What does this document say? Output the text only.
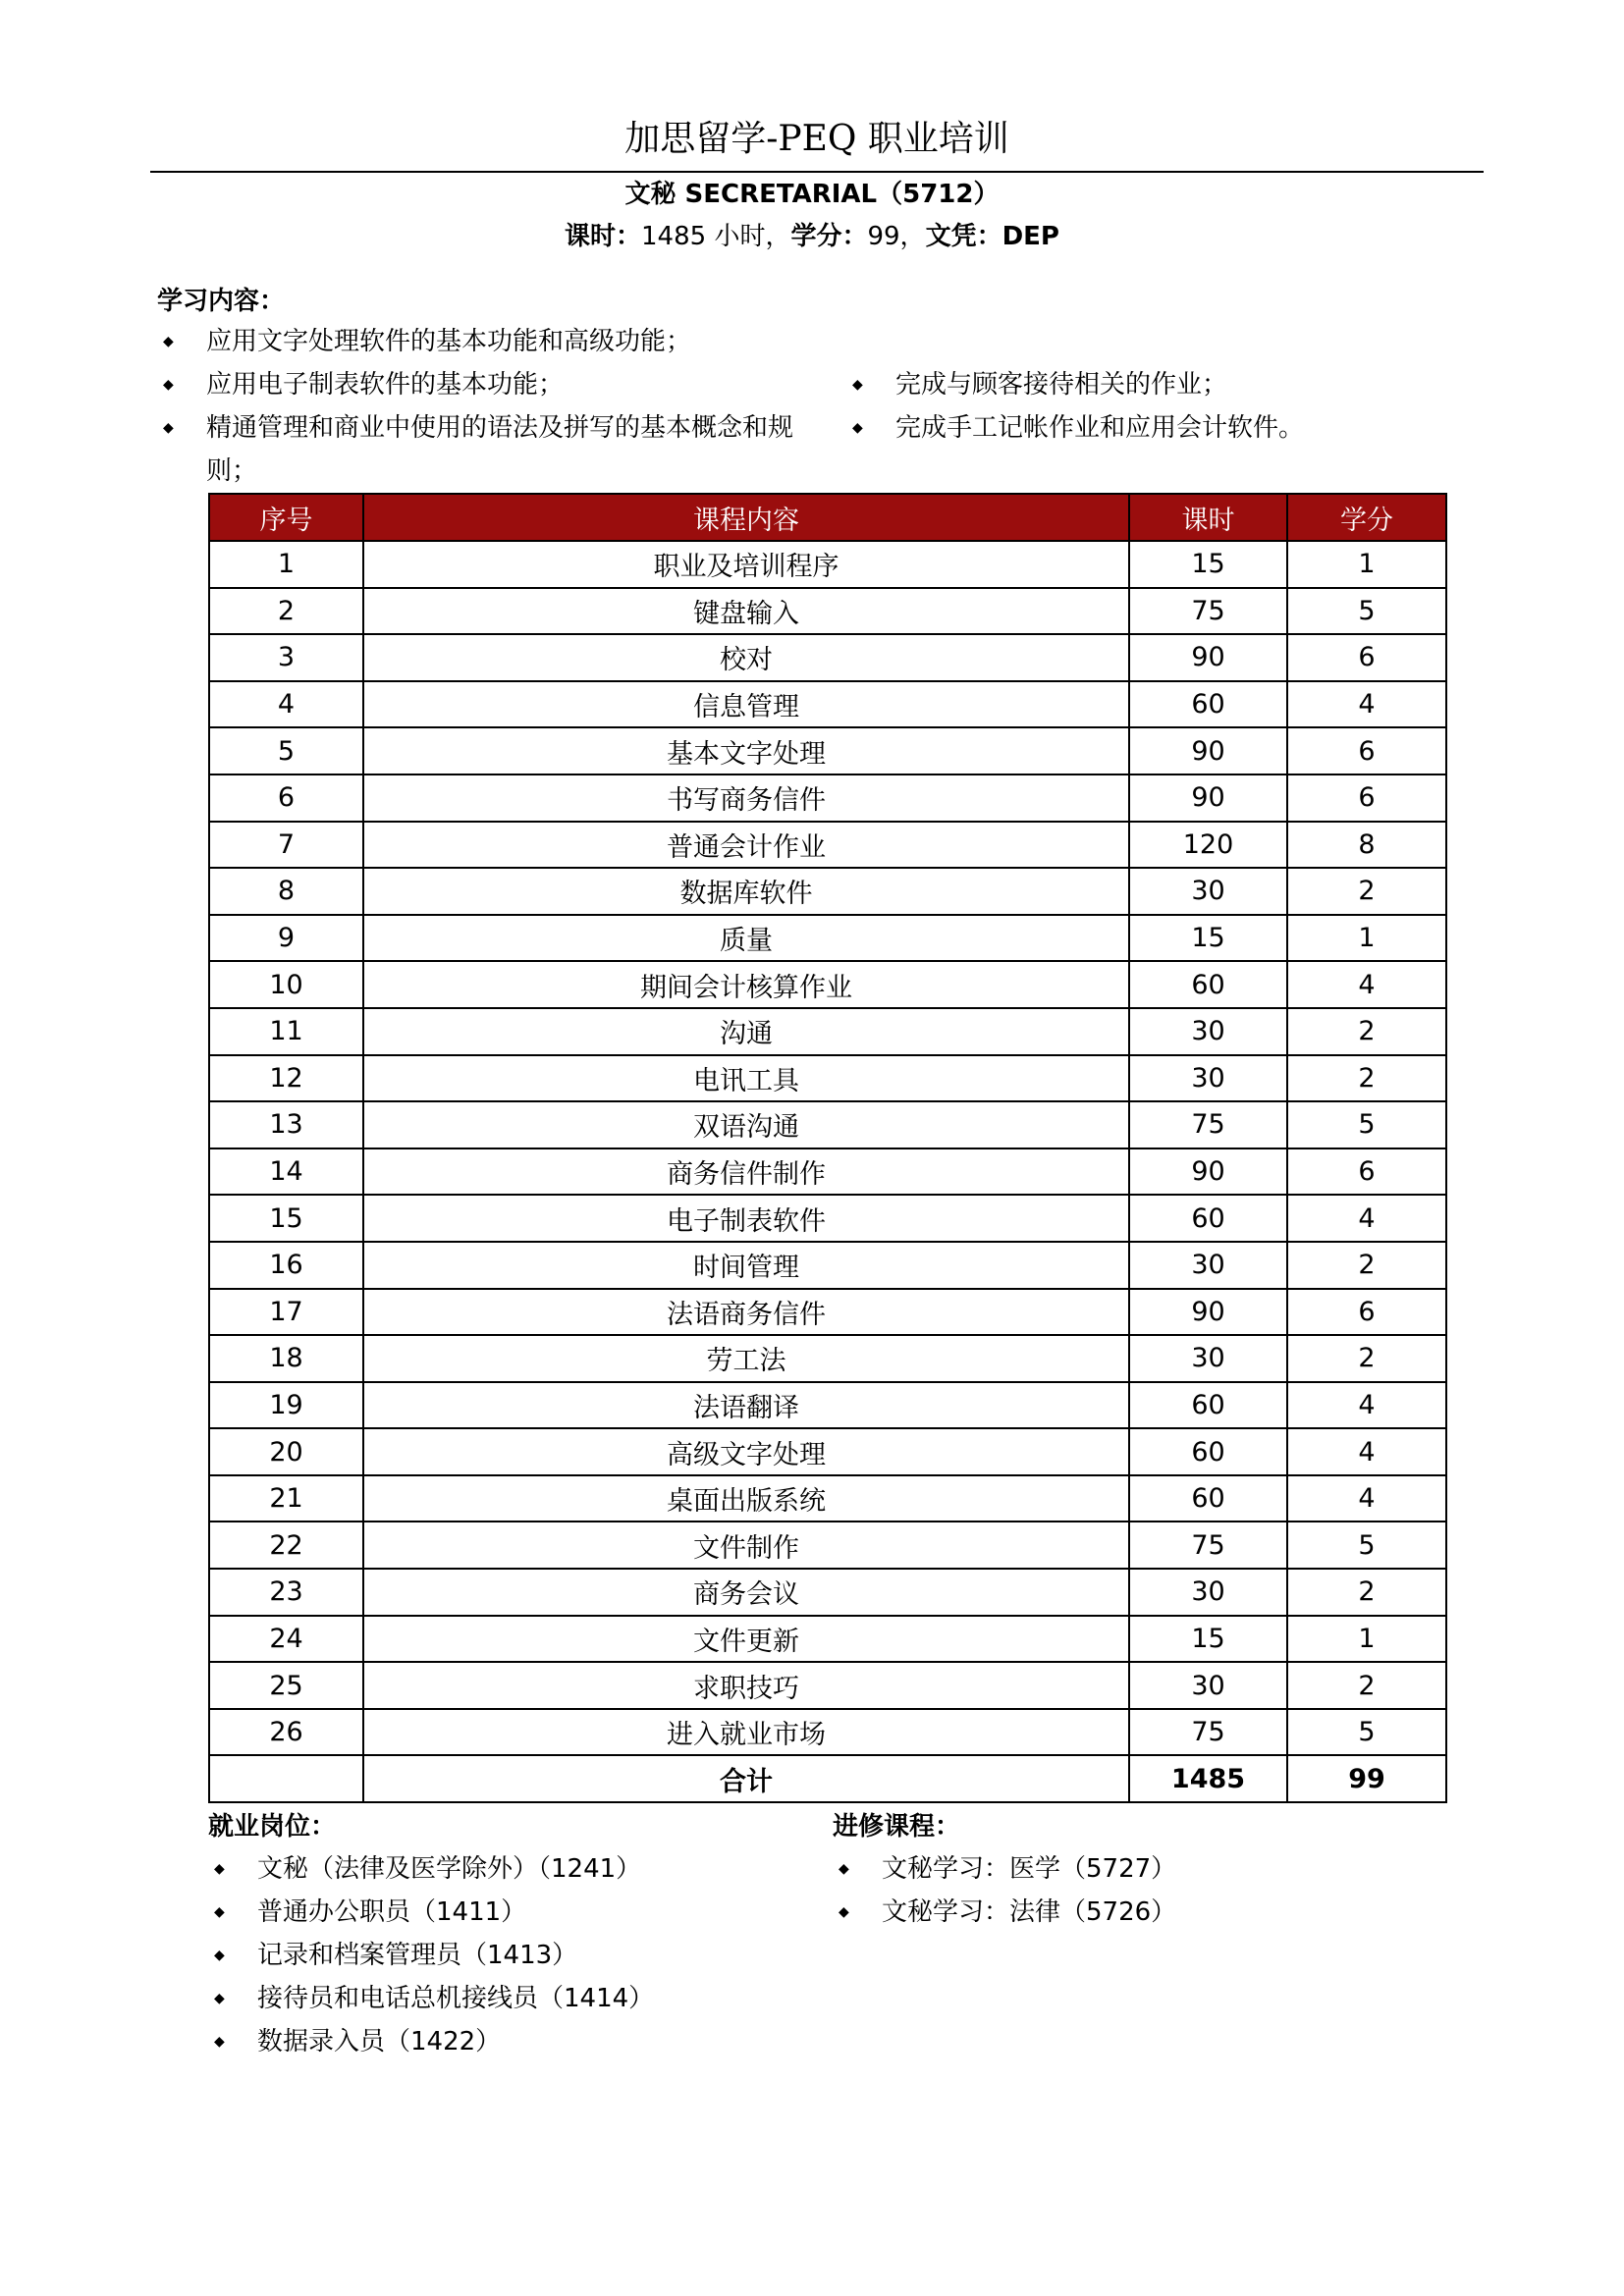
加思留学-PEQ 职业培训
文秘 SECRETARIAL（5712）
课时：1485 小时，学分：99，文凭：DEP
学习内容：
◆ 应用文字处理软件的基本功能和高级功能；
◆ 应用电子制表软件的基本功能；
◆ 精通管理和商业中使用的语法及拼写的基本概念和规则；
◆ 完成与顾客接待相关的作业；
◆ 完成手工记帐作业和应用会计软件。
序号	课程内容	课时	学分
1	职业及培训程序	15	1
2	键盘输入	75	5
3	校对	90	6
4	信息管理	60	4
5	基本文字处理	90	6
6	书写商务信件	90	6
7	普通会计作业	120	8
8	数据库软件	30	2
9	质量	15	1
10	期间会计核算作业	60	4
11	沟通	30	2
12	电讯工具	30	2
13	双语沟通	75	5
14	商务信件制作	90	6
15	电子制表软件	60	4
16	时间管理	30	2
17	法语商务信件	90	6
18	劳工法	30	2
19	法语翻译	60	4
20	高级文字处理	60	4
21	桌面出版系统	60	4
22	文件制作	75	5
23	商务会议	30	2
24	文件更新	15	1
25	求职技巧	30	2
26	进入就业市场	75	5
	合计	1485	99
就业岗位：
◆ 文秘（法律及医学除外）（1241）
◆ 普通办公职员（1411）
◆ 记录和档案管理员（1413）
◆ 接待员和电话总机接线员（1414）
◆ 数据录入员（1422）
进修课程：
◆ 文秘学习：医学（5727）
◆ 文秘学习：法律（5726）
